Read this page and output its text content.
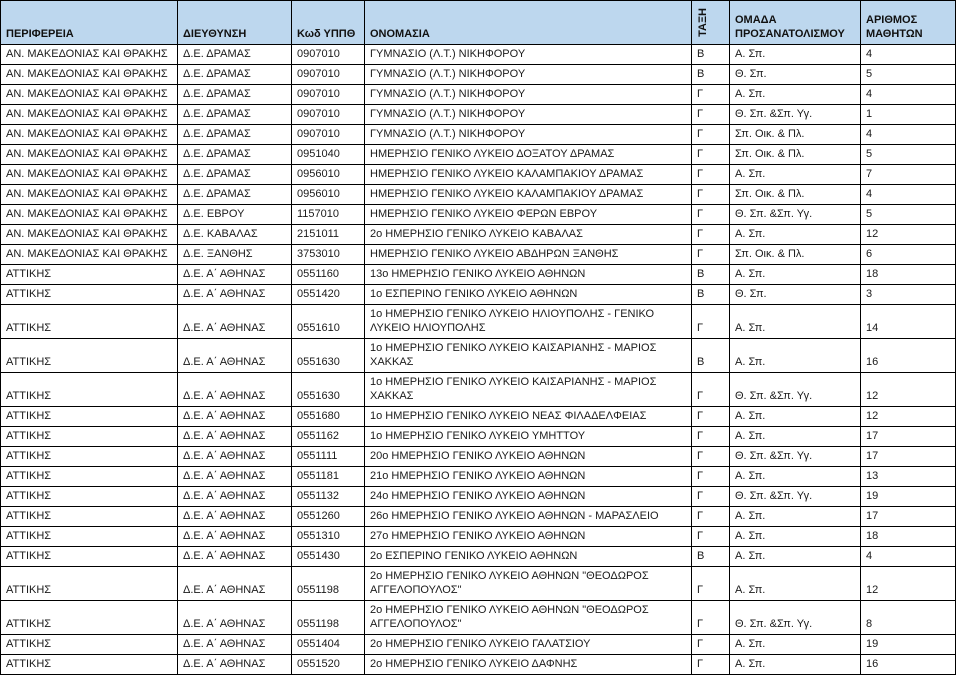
ΠΕΡΙΦΕΡΕΙΑ	ΔΙΕΥΘΥΝΣΗ	Κωδ ΥΠΠΘ	ΟΝΟΜΑΣΙΑ	ΤΑΞΗ	ΟΜΑΔΑ ΠΡΟΣΑΝΑΤΟΛΙΣΜΟΥ	ΑΡΙΘΜΟΣ ΜΑΘΗΤΩΝ
ΑΝ. ΜΑΚΕΔΟΝΙΑΣ ΚΑΙ ΘΡΑΚΗΣ	Δ.Ε. ΔΡΑΜΑΣ	0907010	ΓΥΜΝΑΣΙΟ (Λ.Τ.) ΝΙΚΗΦΟΡΟΥ	Β	Α. Σπ.	4
ΑΝ. ΜΑΚΕΔΟΝΙΑΣ ΚΑΙ ΘΡΑΚΗΣ	Δ.Ε. ΔΡΑΜΑΣ	0907010	ΓΥΜΝΑΣΙΟ (Λ.Τ.) ΝΙΚΗΦΟΡΟΥ	Β	Θ. Σπ.	5
ΑΝ. ΜΑΚΕΔΟΝΙΑΣ ΚΑΙ ΘΡΑΚΗΣ	Δ.Ε. ΔΡΑΜΑΣ	0907010	ΓΥΜΝΑΣΙΟ (Λ.Τ.) ΝΙΚΗΦΟΡΟΥ	Γ	Α. Σπ.	4
ΑΝ. ΜΑΚΕΔΟΝΙΑΣ ΚΑΙ ΘΡΑΚΗΣ	Δ.Ε. ΔΡΑΜΑΣ	0907010	ΓΥΜΝΑΣΙΟ (Λ.Τ.) ΝΙΚΗΦΟΡΟΥ	Γ	Θ. Σπ. &Σπ. Υγ.	1
ΑΝ. ΜΑΚΕΔΟΝΙΑΣ ΚΑΙ ΘΡΑΚΗΣ	Δ.Ε. ΔΡΑΜΑΣ	0907010	ΓΥΜΝΑΣΙΟ (Λ.Τ.) ΝΙΚΗΦΟΡΟΥ	Γ	Σπ. Οικ. & Πλ.	4
ΑΝ. ΜΑΚΕΔΟΝΙΑΣ ΚΑΙ ΘΡΑΚΗΣ	Δ.Ε. ΔΡΑΜΑΣ	0951040	ΗΜΕΡΗΣΙΟ ΓΕΝΙΚΟ ΛΥΚΕΙΟ ΔΟΞΑΤΟΥ ΔΡΑΜΑΣ	Γ	Σπ. Οικ. & Πλ.	5
ΑΝ. ΜΑΚΕΔΟΝΙΑΣ ΚΑΙ ΘΡΑΚΗΣ	Δ.Ε. ΔΡΑΜΑΣ	0956010	ΗΜΕΡΗΣΙΟ ΓΕΝΙΚΟ ΛΥΚΕΙΟ ΚΑΛΑΜΠΑΚΙΟΥ ΔΡΑΜΑΣ	Γ	Α. Σπ.	7
ΑΝ. ΜΑΚΕΔΟΝΙΑΣ ΚΑΙ ΘΡΑΚΗΣ	Δ.Ε. ΔΡΑΜΑΣ	0956010	ΗΜΕΡΗΣΙΟ ΓΕΝΙΚΟ ΛΥΚΕΙΟ ΚΑΛΑΜΠΑΚΙΟΥ ΔΡΑΜΑΣ	Γ	Σπ. Οικ. & Πλ.	4
ΑΝ. ΜΑΚΕΔΟΝΙΑΣ ΚΑΙ ΘΡΑΚΗΣ	Δ.Ε. ΕΒΡΟΥ	1157010	ΗΜΕΡΗΣΙΟ ΓΕΝΙΚΟ ΛΥΚΕΙΟ ΦΕΡΩΝ ΕΒΡΟΥ	Γ	Θ. Σπ. &Σπ. Υγ.	5
ΑΝ. ΜΑΚΕΔΟΝΙΑΣ ΚΑΙ ΘΡΑΚΗΣ	Δ.Ε. ΚΑΒΑΛΑΣ	2151011	2ο ΗΜΕΡΗΣΙΟ ΓΕΝΙΚΟ ΛΥΚΕΙΟ ΚΑΒΑΛΑΣ	Γ	Α. Σπ.	12
ΑΝ. ΜΑΚΕΔΟΝΙΑΣ ΚΑΙ ΘΡΑΚΗΣ	Δ.Ε. ΞΑΝΘΗΣ	3753010	ΗΜΕΡΗΣΙΟ ΓΕΝΙΚΟ ΛΥΚΕΙΟ ΑΒΔΗΡΩΝ ΞΑΝΘΗΣ	Γ	Σπ. Οικ. & Πλ.	6
ΑΤΤΙΚΗΣ	Δ.Ε. Α΄ ΑΘΗΝΑΣ	0551160	13ο ΗΜΕΡΗΣΙΟ ΓΕΝΙΚΟ ΛΥΚΕΙΟ ΑΘΗΝΩΝ	Β	Α. Σπ.	18
ΑΤΤΙΚΗΣ	Δ.Ε. Α΄ ΑΘΗΝΑΣ	0551420	1ο ΕΣΠΕΡΙΝΟ ΓΕΝΙΚΟ ΛΥΚΕΙΟ ΑΘΗΝΩΝ	Β	Θ. Σπ.	3
ΑΤΤΙΚΗΣ	Δ.Ε. Α΄ ΑΘΗΝΑΣ	0551610	1ο ΗΜΕΡΗΣΙΟ ΓΕΝΙΚΟ ΛΥΚΕΙΟ ΗΛΙΟΥΠΟΛΗΣ - ΓΕΝΙΚΟ ΛΥΚΕΙΟ ΗΛΙΟΥΠΟΛΗΣ	Γ	Α. Σπ.	14
ΑΤΤΙΚΗΣ	Δ.Ε. Α΄ ΑΘΗΝΑΣ	0551630	1ο ΗΜΕΡΗΣΙΟ ΓΕΝΙΚΟ ΛΥΚΕΙΟ ΚΑΙΣΑΡΙΑΝΗΣ - ΜΑΡΙΟΣ ΧΑΚΚΑΣ	Β	Α. Σπ.	16
ΑΤΤΙΚΗΣ	Δ.Ε. Α΄ ΑΘΗΝΑΣ	0551630	1ο ΗΜΕΡΗΣΙΟ ΓΕΝΙΚΟ ΛΥΚΕΙΟ ΚΑΙΣΑΡΙΑΝΗΣ - ΜΑΡΙΟΣ ΧΑΚΚΑΣ	Γ	Θ. Σπ. &Σπ. Υγ.	12
ΑΤΤΙΚΗΣ	Δ.Ε. Α΄ ΑΘΗΝΑΣ	0551680	1ο ΗΜΕΡΗΣΙΟ ΓΕΝΙΚΟ ΛΥΚΕΙΟ ΝΕΑΣ ΦΙΛΑΔΕΛΦΕΙΑΣ	Γ	Α. Σπ.	12
ΑΤΤΙΚΗΣ	Δ.Ε. Α΄ ΑΘΗΝΑΣ	0551162	1ο ΗΜΕΡΗΣΙΟ ΓΕΝΙΚΟ ΛΥΚΕΙΟ ΥΜΗΤΤΟΥ	Γ	Α. Σπ.	17
ΑΤΤΙΚΗΣ	Δ.Ε. Α΄ ΑΘΗΝΑΣ	0551111	20ο ΗΜΕΡΗΣΙΟ ΓΕΝΙΚΟ ΛΥΚΕΙΟ ΑΘΗΝΩΝ	Γ	Θ. Σπ. &Σπ. Υγ.	17
ΑΤΤΙΚΗΣ	Δ.Ε. Α΄ ΑΘΗΝΑΣ	0551181	21ο ΗΜΕΡΗΣΙΟ ΓΕΝΙΚΟ ΛΥΚΕΙΟ ΑΘΗΝΩΝ	Γ	Α. Σπ.	13
ΑΤΤΙΚΗΣ	Δ.Ε. Α΄ ΑΘΗΝΑΣ	0551132	24ο ΗΜΕΡΗΣΙΟ ΓΕΝΙΚΟ ΛΥΚΕΙΟ ΑΘΗΝΩΝ	Γ	Θ. Σπ. &Σπ. Υγ.	19
ΑΤΤΙΚΗΣ	Δ.Ε. Α΄ ΑΘΗΝΑΣ	0551260	26ο ΗΜΕΡΗΣΙΟ ΓΕΝΙΚΟ ΛΥΚΕΙΟ ΑΘΗΝΩΝ - ΜΑΡΑΣΛΕΙΟ	Γ	Α. Σπ.	17
ΑΤΤΙΚΗΣ	Δ.Ε. Α΄ ΑΘΗΝΑΣ	0551310	27ο ΗΜΕΡΗΣΙΟ ΓΕΝΙΚΟ ΛΥΚΕΙΟ ΑΘΗΝΩΝ	Γ	Α. Σπ.	18
ΑΤΤΙΚΗΣ	Δ.Ε. Α΄ ΑΘΗΝΑΣ	0551430	2ο ΕΣΠΕΡΙΝΟ ΓΕΝΙΚΟ ΛΥΚΕΙΟ ΑΘΗΝΩΝ	Β	Α. Σπ.	4
ΑΤΤΙΚΗΣ	Δ.Ε. Α΄ ΑΘΗΝΑΣ	0551198	2ο ΗΜΕΡΗΣΙΟ ΓΕΝΙΚΟ ΛΥΚΕΙΟ ΑΘΗΝΩΝ "ΘΕΟΔΩΡΟΣ ΑΓΓΕΛΟΠΟΥΛΟΣ"	Γ	Α. Σπ.	12
ΑΤΤΙΚΗΣ	Δ.Ε. Α΄ ΑΘΗΝΑΣ	0551198	2ο ΗΜΕΡΗΣΙΟ ΓΕΝΙΚΟ ΛΥΚΕΙΟ ΑΘΗΝΩΝ "ΘΕΟΔΩΡΟΣ ΑΓΓΕΛΟΠΟΥΛΟΣ"	Γ	Θ. Σπ. &Σπ. Υγ.	8
ΑΤΤΙΚΗΣ	Δ.Ε. Α΄ ΑΘΗΝΑΣ	0551404	2ο ΗΜΕΡΗΣΙΟ ΓΕΝΙΚΟ ΛΥΚΕΙΟ ΓΑΛΑΤΣΙΟΥ	Γ	Α. Σπ.	19
ΑΤΤΙΚΗΣ	Δ.Ε. Α΄ ΑΘΗΝΑΣ	0551520	2ο ΗΜΕΡΗΣΙΟ ΓΕΝΙΚΟ ΛΥΚΕΙΟ ΔΑΦΝΗΣ	Γ	Α. Σπ.	16
